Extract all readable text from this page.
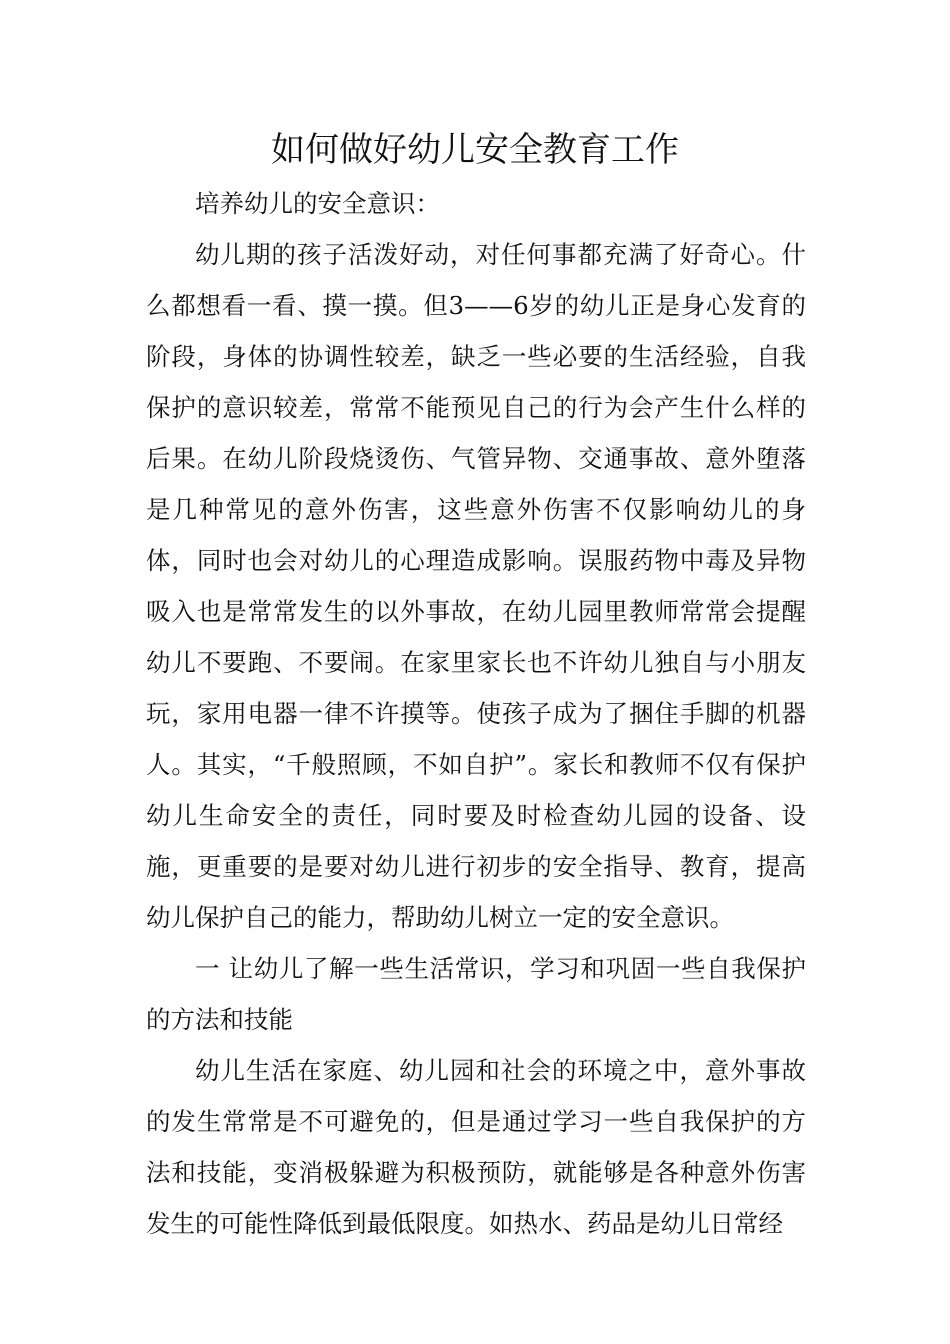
如何做好幼儿安全教育工作

培养幼儿的安全意识：

幼儿期的孩子活泼好动，对任何事都充满了好奇心。什么都想看一看、摸一摸。但3——6岁的幼儿正是身心发育的阶段，身体的协调性较差，缺乏一些必要的生活经验，自我保护的意识较差，常常不能预见自己的行为会产生什么样的后果。在幼儿阶段烧烫伤、气管异物、交通事故、意外堕落是几种常见的意外伤害，这些意外伤害不仅影响幼儿的身体，同时也会对幼儿的心理造成影响。误服药物中毒及异物吸入也是常常发生的以外事故，在幼儿园里教师常常会提醒幼儿不要跑、不要闹。在家里家长也不许幼儿独自与小朋友玩，家用电器一律不许摸等。使孩子成为了捆住手脚的机器人。其实，“千般照顾，不如自护”。家长和教师不仅有保护幼儿生命安全的责任，同时要及时检查幼儿园的设备、设施，更重要的是要对幼儿进行初步的安全指导、教育，提高幼儿保护自己的能力，帮助幼儿树立一定的安全意识。

一 让幼儿了解一些生活常识，学习和巩固一些自我保护的方法和技能

幼儿生活在家庭、幼儿园和社会的环境之中，意外事故的发生常常是不可避免的，但是通过学习一些自我保护的方法和技能，变消极躲避为积极预防，就能够是各种意外伤害发生的可能性降低到最低限度。如热水、药品是幼儿日常经
